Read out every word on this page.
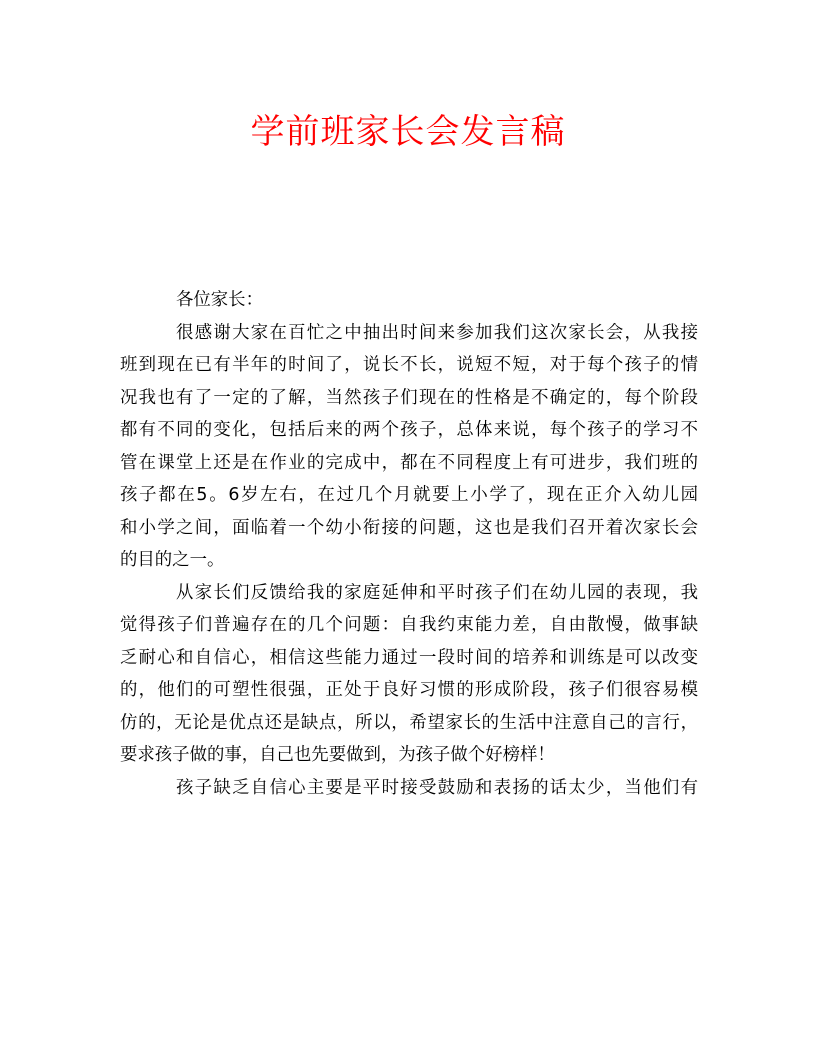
学前班家长会发言稿
各位家长：
很感谢大家在百忙之中抽出时间来参加我们这次家长会，从我接
班到现在已有半年的时间了，说长不长，说短不短，对于每个孩子的情
况我也有了一定的了解，当然孩子们现在的性格是不确定的，每个阶段
都有不同的变化，包括后来的两个孩子，总体来说，每个孩子的学习不
管在课堂上还是在作业的完成中，都在不同程度上有可进步，我们班的
孩子都在5。6岁左右，在过几个月就要上小学了，现在正介入幼儿园
和小学之间，面临着一个幼小衔接的问题，这也是我们召开着次家长会
的目的之一。
从家长们反馈给我的家庭延伸和平时孩子们在幼儿园的表现，我
觉得孩子们普遍存在的几个问题：自我约束能力差，自由散慢，做事缺
乏耐心和自信心，相信这些能力通过一段时间的培养和训练是可以改变
的，他们的可塑性很强，正处于良好习惯的形成阶段，孩子们很容易模
仿的，无论是优点还是缺点，所以，希望家长的生活中注意自己的言行，
要求孩子做的事，自己也先要做到，为孩子做个好榜样！
孩子缺乏自信心主要是平时接受鼓励和表扬的话太少，当他们有
